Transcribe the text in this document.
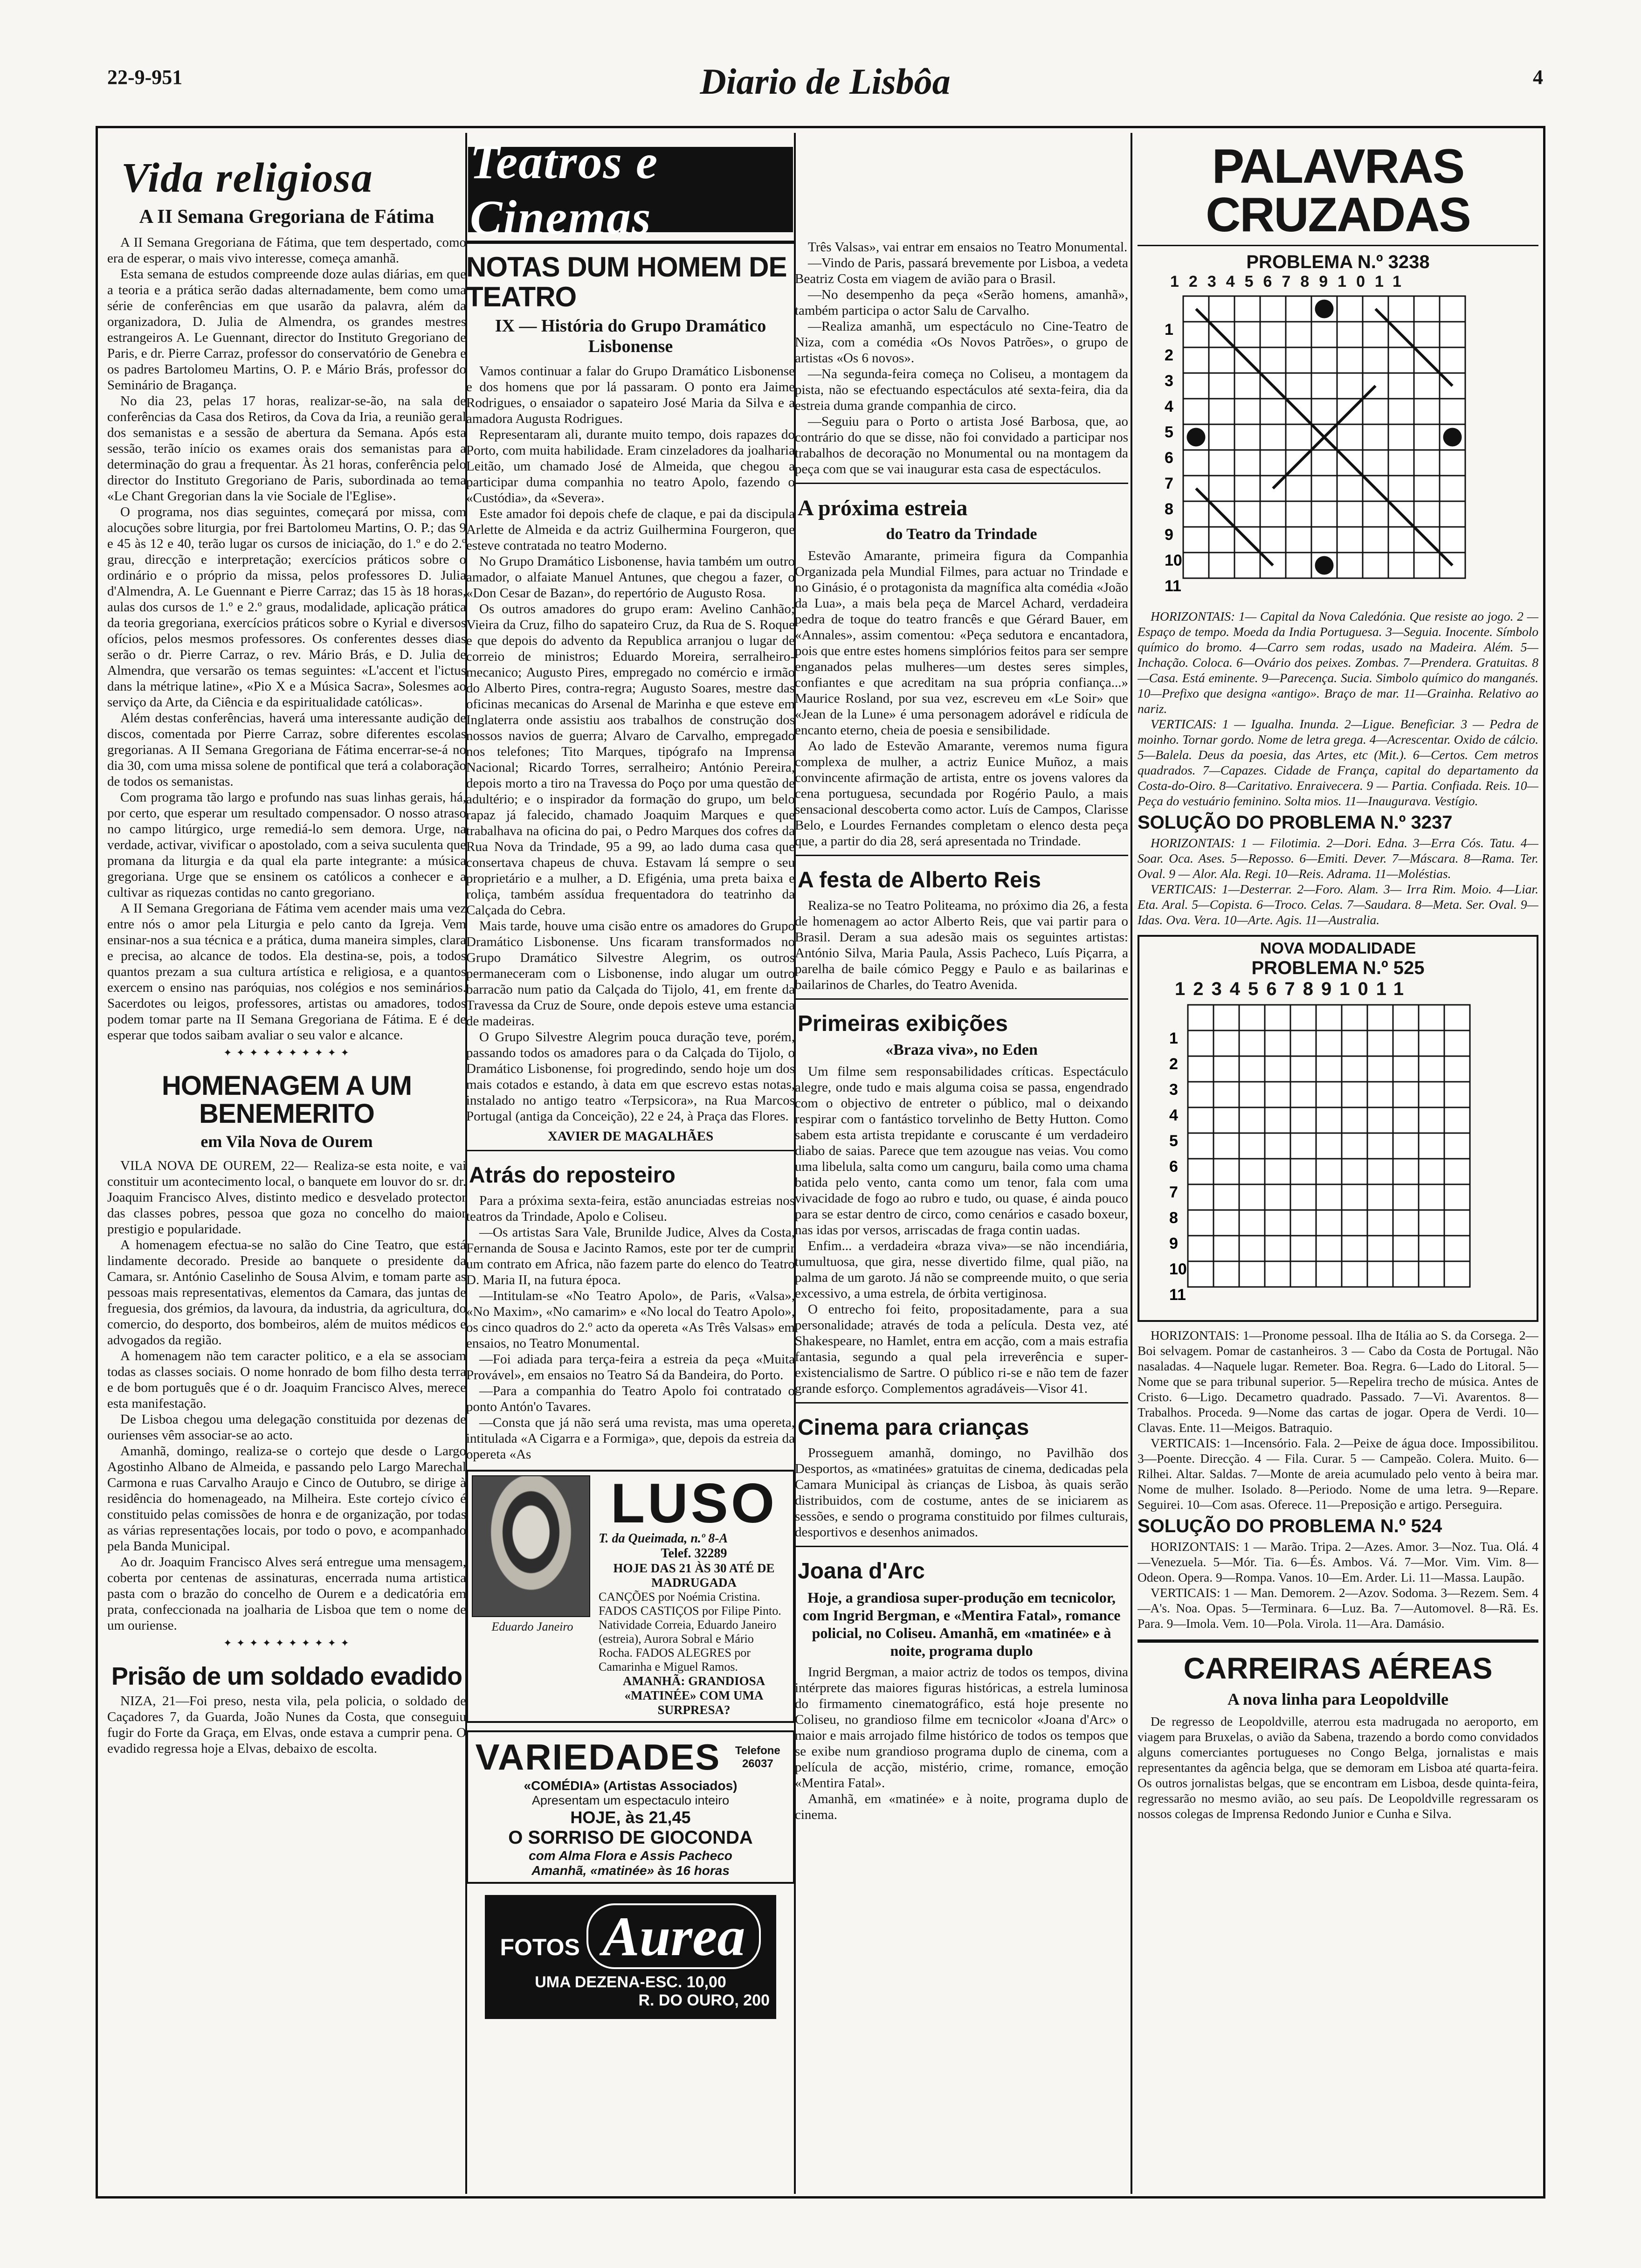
22-9-951	Diario de Lisbôa	4
Vida religiosa
A II Semana Gregoriana de Fátima

A II Semana Gregoriana de Fátima, que tem despertado, como era de esperar, o mais vivo interesse, começa amanhã.

Esta semana de estudos compreende doze aulas diárias, em que a teoria e a prática serão dadas alternadamente, bem como uma série de conferências em que usarão da palavra, além da organizadora, D. Julia de Almendra, os grandes mestres estrangeiros A. Le Guennant, director do Instituto Gregoriano de Paris, e dr. Pierre Carraz, professor do conservatório de Genebra e os padres Bartolomeu Martins, O. P. e Mário Brás, professor do Seminário de Bragança.

No dia 23, pelas 17 horas, realizar-se-ão, na sala de conferências da Casa dos Retiros, da Cova da Iria, a reunião geral dos semanistas e a sessão de abertura da Semana. Após esta sessão, terão início os exames orais dos semanistas para a determinação do grau a frequentar. Às 21 horas, conferência pelo director do Instituto Gregoriano de Paris, subordinada ao tema «Le Chant Gregorian dans la vie Sociale de l'Eglise».

O programa, nos dias seguintes, começará por missa, com alocuções sobre liturgia, por frei Bartolomeu Martins, O. P.; das 9 e 45 às 12 e 40, terão lugar os cursos de iniciação, do 1.º e do 2.º grau, direcção e interpretação; exercícios práticos sobre o ordinário e o próprio da missa, pelos professores D. Julia d'Almendra, A. Le Guennant e Pierre Carraz; das 15 às 18 horas, aulas dos cursos de 1.º e 2.º graus, modalidade, aplicação prática da teoria gregoriana, exercícios práticos sobre o Kyrial e diversos ofícios, pelos mesmos professores. Os conferentes desses dias serão o dr. Pierre Carraz, o rev. Mário Brás, e D. Julia de Almendra, que versarão os temas seguintes: «L'accent et l'ictus dans la métrique latine», «Pio X e a Música Sacra», Solesmes ao serviço da Arte, da Ciência e da espiritualidade católicas».

Além destas conferências, haverá uma interessante audição de discos, comentada por Pierre Carraz, sobre diferentes escolas gregorianas. A II Semana Gregoriana de Fátima encerrar-se-á no dia 30, com uma missa solene de pontifical que terá a colaboração de todos os semanistas.

Com programa tão largo e profundo nas suas linhas gerais, há, por certo, que esperar um resultado compensador. O nosso atraso no campo litúrgico, urge remediá-lo sem demora. Urge, na verdade, activar, vivificar o apostolado, com a seiva suculenta que promana da liturgia e da qual ela parte integrante: a música gregoriana. Urge que se ensinem os católicos a conhecer e a cultivar as riquezas contidas no canto gregoriano.

A II Semana Gregoriana de Fátima vem acender mais uma vez entre nós o amor pela Liturgia e pelo canto da Igreja. Vem ensinar-nos a sua técnica e a prática, duma maneira simples, clara e precisa, ao alcance de todos. Ela destina-se, pois, a todos quantos prezam a sua cultura artística e religiosa, e a quantos exercem o ensino nas paróquias, nos colégios e nos seminários. Sacerdotes ou leigos, professores, artistas ou amadores, todos podem tomar parte na II Semana Gregoriana de Fátima. E é de esperar que todos saibam avaliar o seu valor e alcance.

✦ ✦ ✦ ✦ ✦ ✦ ✦ ✦ ✦ ✦
HOMENAGEM A UM BENEMERITO
em Vila Nova de Ourem

VILA NOVA DE OUREM, 22— Realiza-se esta noite, e vai constituir um acontecimento local, o banquete em louvor do sr. dr. Joaquim Francisco Alves, distinto medico e desvelado protector das classes pobres, pessoa que goza no concelho do maior prestigio e popularidade.

A homenagem efectua-se no salão do Cine Teatro, que está lindamente decorado. Preside ao banquete o presidente da Camara, sr. António Caselinho de Sousa Alvim, e tomam parte as pessoas mais representativas, elementos da Camara, das juntas de freguesia, dos grémios, da lavoura, da industria, da agricultura, do comercio, do desporto, dos bombeiros, além de muitos médicos e advogados da região.

A homenagem não tem caracter politico, e a ela se associam todas as classes sociais. O nome honrado de bom filho desta terra e de bom português que é o dr. Joaquim Francisco Alves, merece esta manifestação.

De Lisboa chegou uma delegação constituida por dezenas de ourienses vêm associar-se ao acto.

Amanhã, domingo, realiza-se o cortejo que desde o Largo Agostinho Albano de Almeida, e passando pelo Largo Marechal Carmona e ruas Carvalho Araujo e Cinco de Outubro, se dirige à residência do homenageado, na Milheira. Este cortejo cívico é constituido pelas comissões de honra e de organização, por todas as várias representações locais, por todo o povo, e acompanhado pela Banda Municipal.

Ao dr. Joaquim Francisco Alves será entregue uma mensagem, coberta por centenas de assinaturas, encerrada numa artistica pasta com o brazão do concelho de Ourem e a dedicatória em prata, confeccionada na joalharia de Lisboa que tem o nome de um ouriense.

✦ ✦ ✦ ✦ ✦ ✦ ✦ ✦ ✦ ✦
Prisão de um soldado evadido

NIZA, 21—Foi preso, nesta vila, pela policia, o soldado de Caçadores 7, da Guarda, João Nunes da Costa, que conseguiu fugir do Forte da Graça, em Elvas, onde estava a cumprir pena. O evadido regressa hoje a Elvas, debaixo de escolta.

Teatros e Cinemas
NOTAS DUM HOMEM DE TEATRO
IX — História do Grupo Dramático Lisbonense

Vamos continuar a falar do Grupo Dramático Lisbonense e dos homens que por lá passaram. O ponto era Jaime Rodrigues, o ensaiador o sapateiro José Maria da Silva e a amadora Augusta Rodrigues.

Representaram ali, durante muito tempo, dois rapazes do Porto, com muita habilidade. Eram cinzeladores da joalharia Leitão, um chamado José de Almeida, que chegou a participar duma companhia no teatro Apolo, fazendo o «Custódia», da «Severa».

Este amador foi depois chefe de claque, e pai da discipula Arlette de Almeida e da actriz Guilhermina Fourgeron, que esteve contratada no teatro Moderno.

No Grupo Dramático Lisbonense, havia também um outro amador, o alfaiate Manuel Antunes, que chegou a fazer, o «Don Cesar de Bazan», do repertório de Augusto Rosa.

Os outros amadores do grupo eram: Avelino Canhão; Vieira da Cruz, filho do sapateiro Cruz, da Rua de S. Roque e que depois do advento da Republica arranjou o lugar de correio de ministros; Eduardo Moreira, serralheiro-mecanico; Augusto Pires, empregado no comércio e irmão do Alberto Pires, contra-regra; Augusto Soares, mestre das oficinas mecanicas do Arsenal de Marinha e que esteve em Inglaterra onde assistiu aos trabalhos de construção dos nossos navios de guerra; Alvaro de Carvalho, empregado nos telefones; Tito Marques, tipógrafo na Imprensa Nacional; Ricardo Torres, serralheiro; António Pereira, depois morto a tiro na Travessa do Poço por uma questão de adultério; e o inspirador da formação do grupo, um belo rapaz já falecido, chamado Joaquim Marques e que trabalhava na oficina do pai, o Pedro Marques dos cofres da Rua Nova da Trindade, 95 a 99, ao lado duma casa que consertava chapeus de chuva. Estavam lá sempre o seu proprietário e a mulher, a D. Efigénia, uma preta baixa e roliça, também assídua frequentadora do teatrinho da Calçada do Cebra.

Mais tarde, houve uma cisão entre os amadores do Grupo Dramático Lisbonense. Uns ficaram transformados no Grupo Dramático Silvestre Alegrim, os outros permaneceram com o Lisbonense, indo alugar um outro barracão num patio da Calçada do Tijolo, 41, em frente da Travessa da Cruz de Soure, onde depois esteve uma estancia de madeiras.

O Grupo Silvestre Alegrim pouca duração teve, porém, passando todos os amadores para o da Calçada do Tijolo, o Dramático Lisbonense, foi progredindo, sendo hoje um dos mais cotados e estando, à data em que escrevo estas notas, instalado no antigo teatro «Terpsicora», na Rua Marcos Portugal (antiga da Conceição), 22 e 24, à Praça das Flores.

XAVIER DE MAGALHÃES
Atrás do reposteiro

Para a próxima sexta-feira, estão anunciadas estreias nos teatros da Trindade, Apolo e Coliseu.

—Os artistas Sara Vale, Brunilde Judice, Alves da Costa, Fernanda de Sousa e Jacinto Ramos, este por ter de cumprir um contrato em Africa, não fazem parte do elenco do Teatro D. Maria II, na futura época.

—Intitulam-se «No Teatro Apolo», de Paris, «Valsa», «No Maxim», «No camarim» e «No local do Teatro Apolo», os cinco quadros do 2.º acto da opereta «As Três Valsas» em ensaios, no Teatro Monumental.

—Foi adiada para terça-feira a estreia da peça «Muita Provável», em ensaios no Teatro Sá da Bandeira, do Porto.

—Para a companhia do Teatro Apolo foi contratado o ponto Antón'o Tavares.

—Consta que já não será uma revista, mas uma opereta, intitulada «A Cigarra e a Formiga», que, depois da estreia da opereta «As

Eduardo Janeiro
LUSO
T. da Queimada, n.º 8-A
Telef. 32289
HOJE DAS 21 ÀS 30 ATÉ DE MADRUGADA
CANÇÕES por Noémia Cristina. FADOS CASTIÇOS por Filipe Pinto. Natividade Correia, Eduardo Janeiro (estreia), Aurora Sobral e Mário Rocha. FADOS ALEGRES por Camarinha e Miguel Ramos.
AMANHÃ: GRANDIOSA «MATINÉE» COM UMA SURPRESA?
VARIEDADES	Telefone 26037
«COMÉDIA» (Artistas Associados)
Apresentam um espectaculo inteiro
HOJE, às 21,45
O SORRISO DE GIOCONDA
com Alma Flora e Assis Pacheco
Amanhã, «matinée» às 16 horas
FOTOS Aurea
UMA DEZENA-ESC. 10,00
R. DO OURO, 200

Três Valsas», vai entrar em ensaios no Teatro Monumental.

—Vindo de Paris, passará brevemente por Lisboa, a vedeta Beatriz Costa em viagem de avião para o Brasil.

—No desempenho da peça «Serão homens, amanhã», também participa o actor Salu de Carvalho.

—Realiza amanhã, um espectáculo no Cine-Teatro de Niza, com a comédia «Os Novos Patrões», o grupo de artistas «Os 6 novos».

—Na segunda-feira começa no Coliseu, a montagem da pista, não se efectuando espectáculos até sexta-feira, dia da estreia duma grande companhia de circo.

—Seguiu para o Porto o artista José Barbosa, que, ao contrário do que se disse, não foi convidado a participar nos trabalhos de decoração no Monumental ou na montagem da peça com que se vai inaugurar esta casa de espectáculos.

A próxima estreia
do Teatro da Trindade

Estevão Amarante, primeira figura da Companhia Organizada pela Mundial Filmes, para actuar no Trindade e no Ginásio, é o protagonista da magnífica alta comédia «João da Lua», a mais bela peça de Marcel Achard, verdadeira pedra de toque do teatro francês e que Gérard Bauer, em «Annales», assim comentou: «Peça sedutora e encantadora, pois que entre estes homens simplórios feitos para ser sempre enganados pelas mulheres—um destes seres simples, confiantes e que acreditam na sua própria confiança...» Maurice Rosland, por sua vez, escreveu em «Le Soir» que «Jean de la Lune» é uma personagem adorável e ridícula de encanto eterno, cheia de poesia e sensibilidade.

Ao lado de Estevão Amarante, veremos numa figura complexa de mulher, a actriz Eunice Muñoz, a mais convincente afirmação de artista, entre os jovens valores da cena portuguesa, secundada por Rogério Paulo, a mais sensacional descoberta como actor. Luís de Campos, Clarisse Belo, e Lourdes Fernandes completam o elenco desta peça que, a partir do dia 28, será apresentada no Trindade.

A festa de Alberto Reis

Realiza-se no Teatro Politeama, no próximo dia 26, a festa de homenagem ao actor Alberto Reis, que vai partir para o Brasil. Deram a sua adesão mais os seguintes artistas: António Silva, Maria Paula, Assis Pacheco, Luís Piçarra, a parelha de baile cómico Peggy e Paulo e as bailarinas e bailarinos de Charles, do Teatro Avenida.

Primeiras exibições
«Braza viva», no Eden

Um filme sem responsabilidades críticas. Espectáculo alegre, onde tudo e mais alguma coisa se passa, engendrado com o objectivo de entreter o público, mal o deixando respirar com o fantástico torvelinho de Betty Hutton. Como sabem esta artista trepidante e coruscante é um verdadeiro diabo de saias. Parece que tem azougue nas veias. Vou como uma libelula, salta como um canguru, baila como uma chama batida pelo vento, canta como um tenor, fala com uma vivacidade de fogo ao rubro e tudo, ou quase, é ainda pouco para se estar dentro de circo, como cenários e casado boxeur, nas idas por versos, arriscadas de fraga contin uadas.

Enfim... a verdadeira «braza viva»—se não incendiária, tumultuosa, que gira, nesse divertido filme, qual pião, na palma de um garoto. Já não se compreende muito, o que seria excessivo, a uma estrela, de órbita vertiginosa.

O entrecho foi feito, propositadamente, para a sua personalidade; através de toda a película. Desta vez, até Shakespeare, no Hamlet, entra em acção, com a mais estrafia fantasia, segundo a qual pela irreverência e super-existencialismo de Sartre. O público ri-se e não tem de fazer grande esforço. Complementos agradáveis—Visor 41.

Cinema para crianças

Prosseguem amanhã, domingo, no Pavilhão dos Desportos, as «matinées» gratuitas de cinema, dedicadas pela Camara Municipal às crianças de Lisboa, às quais serão distribuidos, com de costume, antes de se iniciarem as sessões, e sendo o programa constituido por filmes culturais, desportivos e desenhos animados.

Joana d'Arc
Hoje, a grandiosa super-produção em tecnicolor, com Ingrid Bergman, e «Mentira Fatal», romance policial, no Coliseu. Amanhã, em «matinée» e à noite, programa duplo

Ingrid Bergman, a maior actriz de todos os tempos, divina intérprete das maiores figuras históricas, a estrela luminosa do firmamento cinematográfico, está hoje presente no Coliseu, no grandioso filme em tecnicolor «Joana d'Arc» o maior e mais arrojado filme histórico de todos os tempos que se exibe num grandioso programa duplo de cinema, com a película de acção, mistério, crime, romance, emoção «Mentira Fatal».

Amanhã, em «matinée» e à noite, programa duplo de cinema.

PALAVRAS CRUZADAS
PROBLEMA N.º 3238
1234567891011
1
2
3
4
5
6
7
8
9
10
11

HORIZONTAIS: 1— Capital da Nova Caledónia. Que resiste ao jogo. 2 — Espaço de tempo. Moeda da India Portuguesa. 3—Seguia. Inocente. Símbolo químico do bromo. 4—Carro sem rodas, usado na Madeira. Além. 5—Inchação. Coloca. 6—Ovário dos peixes. Zombas. 7—Prendera. Gratuitas. 8—Casa. Está eminente. 9—Parecença. Sucia. Simbolo químico do manganés. 10—Prefixo que designa «antigo». Braço de mar. 11—Grainha. Relativo ao nariz.

VERTICAIS: 1 — Igualha. Inunda. 2—Ligue. Beneficiar. 3 — Pedra de moinho. Tornar gordo. Nome de letra grega. 4—Acrescentar. Oxido de cálcio. 5—Balela. Deus da poesia, das Artes, etc (Mit.). 6—Certos. Cem metros quadrados. 7—Capazes. Cidade de França, capital do departamento da Costa-do-Oiro. 8—Caritativo. Enraivecera. 9 — Partia. Confiada. Reis. 10—Peça do vestuário feminino. Solta mios. 11—Inaugurava. Vestígio.

SOLUÇÃO DO PROBLEMA N.º 3237

HORIZONTAIS: 1 — Filotimia. 2—Dori. Edna. 3—Erra Cós. Tatu. 4—Soar. Oca. Ases. 5—Reposso. 6—Emiti. Dever. 7—Máscara. 8—Rama. Ter. Oval. 9 — Alor. Ala. Regi. 10—Reis. Adrama. 11—Moléstias.

VERTICAIS: 1—Desterrar. 2—Foro. Alam. 3— Irra Rim. Moio. 4—Liar. Eta. Aral. 5—Copista. 6—Troco. Celas. 7—Saudara. 8—Meta. Ser. Oval. 9—Idas. Ova. Vera. 10—Arte. Agis. 11—Australia.

NOVA MODALIDADE
PROBLEMA N.º 525
1234567891011
1
2
3
4
5
6
7
8
9
10
11

HORIZONTAIS: 1—Pronome pessoal. Ilha de Itália ao S. da Corsega. 2—Boi selvagem. Pomar de castanheiros. 3 — Cabo da Costa de Portugal. Não nasaladas. 4—Naquele lugar. Remeter. Boa. Regra. 6—Lado do Litoral. 5—Nome que se para tribunal superior. 5—Repelira trecho de música. Antes de Cristo. 6—Ligo. Decametro quadrado. Passado. 7—Vi. Avarentos. 8—Trabalhos. Proceda. 9—Nome das cartas de jogar. Opera de Verdi. 10—Clavas. Ente. 11—Meigos. Batraquio.

VERTICAIS: 1—Incensório. Fala. 2—Peixe de água doce. Impossibilitou. 3—Poente. Direcção. 4 — Fila. Curar. 5 — Campeão. Colera. Muito. 6—Rilhei. Altar. Saldas. 7—Monte de areia acumulado pelo vento à beira mar. Nome de mulher. Isolado. 8—Periodo. Nome de uma letra. 9—Repare. Seguirei. 10—Com asas. Oferece. 11—Preposição e artigo. Perseguira.

SOLUÇÃO DO PROBLEMA N.º 524

HORIZONTAIS: 1 — Marão. Tripa. 2—Azes. Amor. 3—Noz. Tua. Olá. 4—Venezuela. 5—Mór. Tia. 6—És. Ambos. Vá. 7—Mor. Vim. Vim. 8—Odeon. Opera. 9—Rompa. Vanos. 10—Em. Arder. Li. 11—Massa. Laupão.

VERTICAIS: 1 — Man. Demorem. 2—Azov. Sodoma. 3—Rezem. Sem. 4—A's. Noa. Opas. 5—Terminara. 6—Luz. Ba. 7—Automovel. 8—Rã. Es. Para. 9—Imola. Vem. 10—Pola. Virola. 11—Ara. Damásio.

CARREIRAS AÉREAS
A nova linha para Leopoldville

De regresso de Leopoldville, aterrou esta madrugada no aeroporto, em viagem para Bruxelas, o avião da Sabena, trazendo a bordo como convidados alguns comerciantes portugueses no Congo Belga, jornalistas e mais representantes da agência belga, que se demoram em Lisboa até quarta-feira. Os outros jornalistas belgas, que se encontram em Lisboa, desde quinta-feira, regressarão no mesmo avião, ao seu país. De Leopoldville regressaram os nossos colegas de Imprensa Redondo Junior e Cunha e Silva.
